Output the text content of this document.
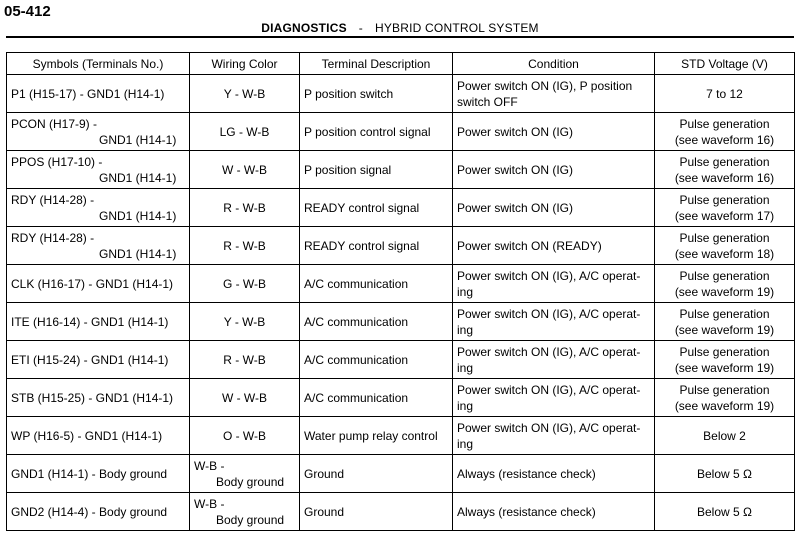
05-412
DIAGNOSTICS - HYBRID CONTROL SYSTEM
Symbols (Terminals No.)	Wiring Color	Terminal Description	Condition	STD Voltage (V)

P1 (H15-17) - GND1 (H14-1)	Y - W-B	P position switch	Power switch ON (IG), P position
switch OFF	7 to 12

PCON (H17-9) -
GND1 (H14-1)	LG - W-B	P position control signal	Power switch ON (IG)	Pulse generation
(see waveform 16)

PPOS (H17-10) -
GND1 (H14-1)	W - W-B	P position signal	Power switch ON (IG)	Pulse generation
(see waveform 16)

RDY (H14-28) -
GND1 (H14-1)	R - W-B	READY control signal	Power switch ON (IG)	Pulse generation
(see waveform 17)

RDY (H14-28) -
GND1 (H14-1)	R - W-B	READY control signal	Power switch ON (READY)	Pulse generation
(see waveform 18)

CLK (H16-17) - GND1 (H14-1)	G - W-B	A/C communication	Power switch ON (IG), A/C operat-
ing	Pulse generation
(see waveform 19)

ITE (H16-14) - GND1 (H14-1)	Y - W-B	A/C communication	Power switch ON (IG), A/C operat-
ing	Pulse generation
(see waveform 19)

ETI (H15-24) - GND1 (H14-1)	R - W-B	A/C communication	Power switch ON (IG), A/C operat-
ing	Pulse generation
(see waveform 19)

STB (H15-25) - GND1 (H14-1)	W - W-B	A/C communication	Power switch ON (IG), A/C operat-
ing	Pulse generation
(see waveform 19)

WP (H16-5) - GND1 (H14-1)	O - W-B	Water pump relay control	Power switch ON (IG), A/C operat-
ing	Below 2

GND1 (H14-1) - Body ground	W-B -
Body ground	Ground	Always (resistance check)	Below 5 Ω

GND2 (H14-4) - Body ground	W-B -
Body ground	Ground	Always (resistance check)	Below 5 Ω
